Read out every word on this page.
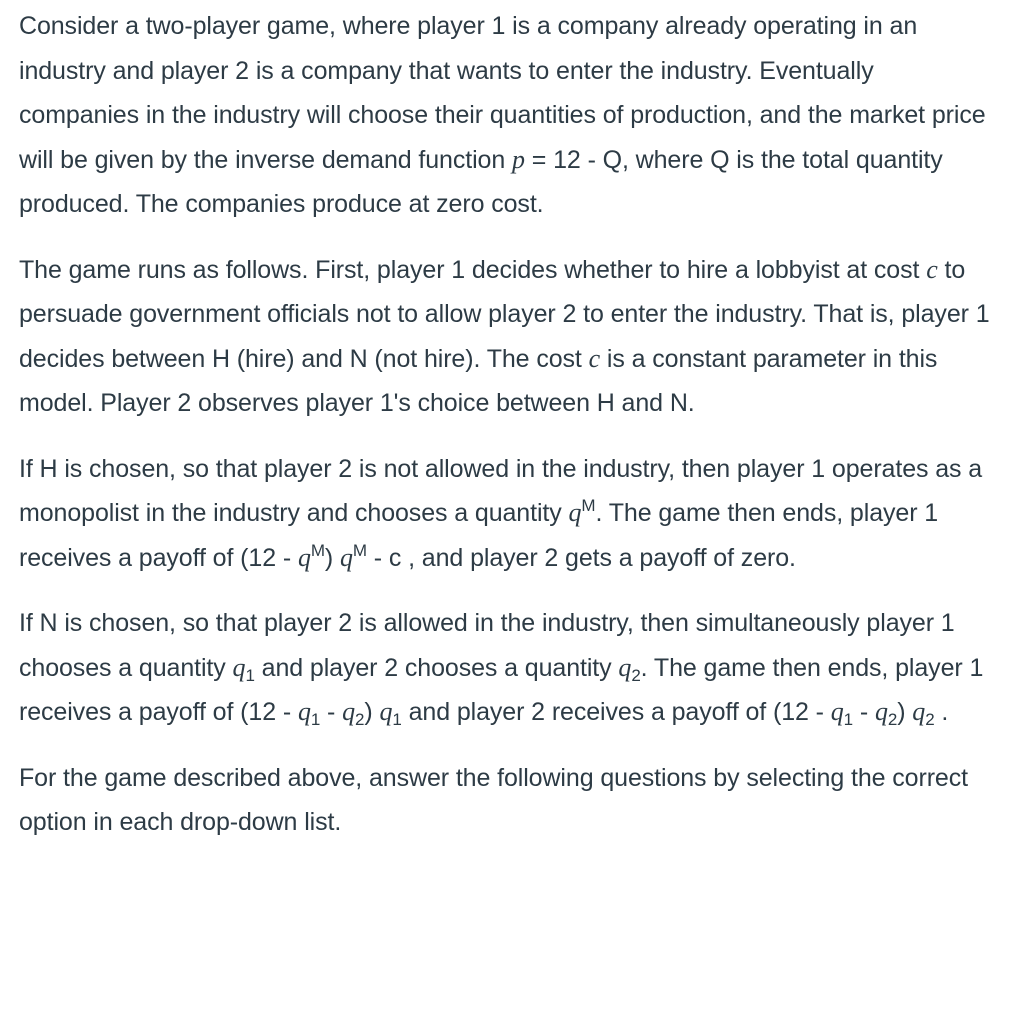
Consider a two-player game, where player 1 is a company already operating in an industry and player 2 is a company that wants to enter the industry. Eventually companies in the industry will choose their quantities of production, and the market price will be given by the inverse demand function p = 12 - Q, where Q is the total quantity produced. The companies produce at zero cost.

The game runs as follows. First, player 1 decides whether to hire a lobbyist at cost c to persuade government officials not to allow player 2 to enter the industry. That is, player 1 decides between H (hire) and N (not hire). The cost c is a constant parameter in this model. Player 2 observes player 1's choice between H and N.

If H is chosen, so that player 2 is not allowed in the industry, then player 1 operates as a monopolist in the industry and chooses a quantity $q^M$. The game then ends, player 1 receives a payoff of $(12 - q^M)$ $q^M$ - c , and player 2 gets a payoff of zero.

If N is chosen, so that player 2 is allowed in the industry, then simultaneously player 1 chooses a quantity $q_1$ and player 2 chooses a quantity $q_2$. The game then ends, player 1 receives a payoff of $(12 - q_1 - q_2)$ $q_1$ and player 2 receives a payoff of $(12 - q_1 - q_2)$ $q_2$ .

For the game described above, answer the following questions by selecting the correct option in each drop-down list.
